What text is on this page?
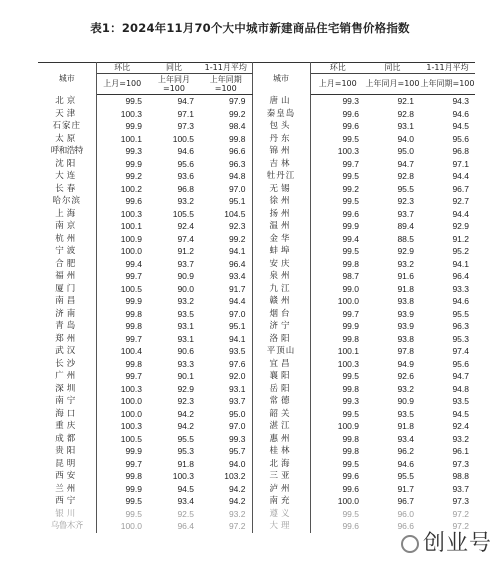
表1：2024年11月70个大中城市新建商品住宅销售价格指数
城市	环比	同比	1-11月平均	城市	环比	同比	1-11月平均
	上月=100	上年同月=100	上年同期=100		上月=100	上年同月=100	上年同期=100
北京	99.5	94.7	97.9	唐山	99.3	92.1	94.3
天津	100.3	97.1	99.2	秦皇岛	99.6	92.8	94.6
石家庄	99.9	97.3	98.4	包头	99.6	93.1	94.5
太原	100.1	100.5	99.8	丹东	99.5	94.0	95.6
呼和浩特	99.3	94.6	96.6	锦州	100.3	95.0	96.8
沈阳	99.9	95.6	96.3	吉林	99.7	94.7	97.1
大连	99.2	93.6	94.8	牡丹江	99.5	92.8	94.4
长春	100.2	96.8	97.0	无锡	99.2	95.5	96.7
哈尔滨	99.6	93.2	95.1	徐州	99.5	92.3	92.7
上海	100.3	105.5	104.5	扬州	99.6	93.7	94.4
南京	100.1	92.4	92.3	温州	99.9	89.4	92.9
杭州	100.9	97.4	99.2	金华	99.4	88.5	91.2
宁波	100.0	91.2	94.1	蚌埠	99.5	92.9	95.2
合肥	99.4	93.7	96.4	安庆	99.8	93.2	94.1
福州	99.7	90.9	93.4	泉州	98.7	91.6	96.4
厦门	100.5	90.0	91.7	九江	99.0	91.8	93.3
南昌	99.9	93.2	94.4	赣州	100.0	93.8	94.6
济南	99.8	93.5	97.0	烟台	99.7	93.9	95.5
青岛	99.8	93.1	95.1	济宁	99.9	93.9	96.3
郑州	99.7	93.1	94.1	洛阳	99.8	93.8	95.3
武汉	100.4	90.6	93.5	平顶山	100.1	97.8	97.4
长沙	99.8	93.3	97.6	宜昌	100.3	94.9	95.6
广州	99.7	90.1	92.0	襄阳	99.5	92.6	94.7
深圳	100.3	92.9	93.1	岳阳	99.8	93.2	94.8
南宁	100.0	92.3	93.7	常德	99.3	90.9	93.5
海口	100.0	94.2	95.0	韶关	99.5	93.5	94.5
重庆	100.3	94.2	97.0	湛江	100.9	91.8	92.4
成都	100.5	95.5	99.3	惠州	99.8	93.4	93.2
贵阳	99.9	95.3	95.7	桂林	99.8	96.2	96.1
昆明	99.7	91.8	94.0	北海	99.5	94.6	97.3
西安	99.8	100.3	103.2	三亚	99.6	95.5	98.8
兰州	99.9	94.5	94.2	泸州	99.6	91.7	93.7
西宁	99.5	93.4	94.2	南充	100.0	96.7	97.3
银川	99.5	92.5	93.2	遵义	99.5	96.0	97.2
乌鲁木齐	100.0	96.4	97.2	大理	99.6	96.6	97.2
创业号
